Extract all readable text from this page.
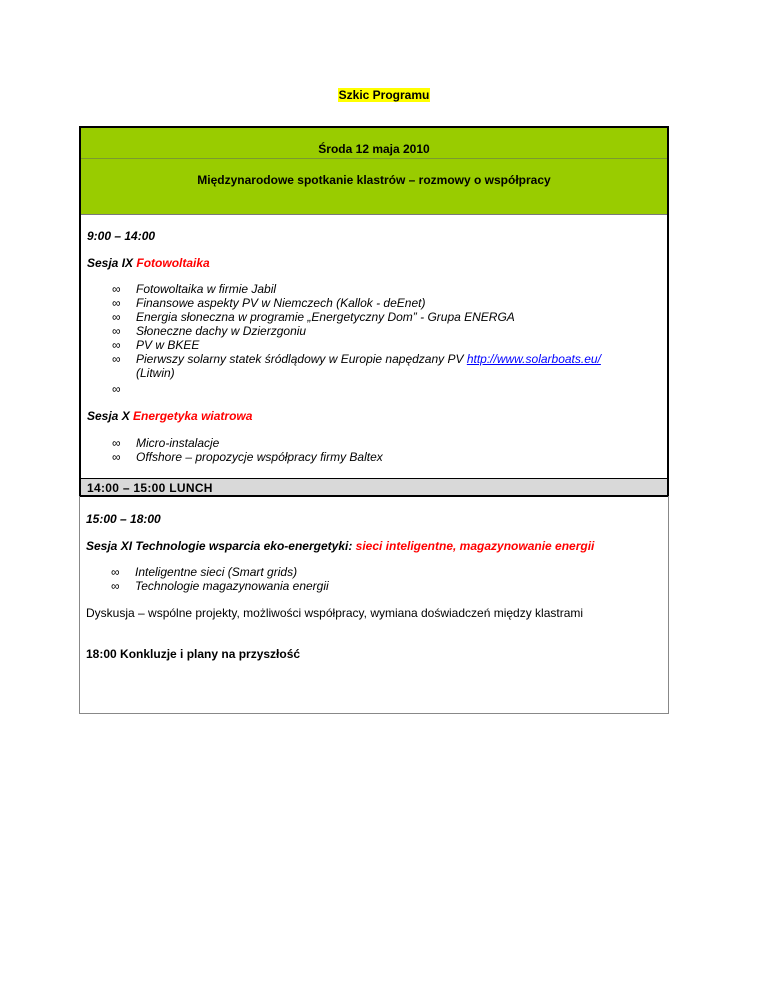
Szkic Programu
Środa 12 maja 2010
Międzynarodowe spotkanie klastrów – rozmowy o współpracy
9:00 – 14:00
Sesja IX Fotowoltaika
∞ Fotowoltaika w firmie Jabil
∞ Finansowe aspekty PV w Niemczech (Kallok - deEnet)
∞ Energia słoneczna w programie „Energetyczny Dom” - Grupa ENERGA
∞ Słoneczne dachy w Dzierzgoniu
∞ PV w BKEE
∞ Pierwszy solarny statek śródlądowy w Europie napędzany PV http://www.solarboats.eu/
(Litwin)
∞
Sesja X Energetyka wiatrowa
∞ Micro-instalacje
∞ Offshore – propozycje współpracy firmy Baltex
14:00 – 15:00 LUNCH
15:00 – 18:00
Sesja XI Technologie wsparcia eko-energetyki: sieci inteligentne, magazynowanie energii
∞ Inteligentne sieci (Smart grids)
∞ Technologie magazynowania energii
Dyskusja – wspólne projekty, możliwości współpracy, wymiana doświadczeń między klastrami
18:00 Konkluzje i plany na przyszłość
